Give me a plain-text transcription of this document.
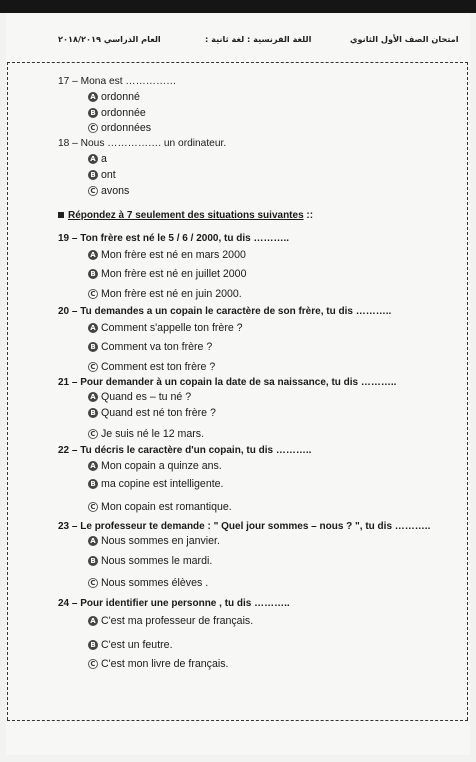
العام الدراسي ٢٠١٨/٢٠١٩	اللغة الفرنسية : لغة ثانية :	امتحان الصف الأول الثانوي
17 – Mona est ……………
A ordonné
B ordonnée
C ordonnées
18 – Nous ……………. un ordinateur.
A a
B ont
C avons
Répondez à 7 seulement des situations suivantes ::
19 – Ton frère est né le 5 / 6 / 2000, tu dis ………..
A Mon frère est né en mars 2000
B Mon frère est né en juillet 2000
C Mon frère est né en juin 2000.
20 – Tu demandes a un copain le caractère de son frère, tu dis ………..
A Comment s'appelle ton frère ?
B Comment va ton frère ?
C Comment est ton frère ?
21 – Pour demander à un copain la date de sa naissance, tu dis ………..
A Quand es – tu né ?
B Quand est né ton frère ?
C Je suis né le 12 mars.
22 – Tu décris le caractère d'un copain, tu dis ………..
A Mon copain a quinze ans.
B ma copine est intelligente.
C Mon copain est romantique.
23 – Le professeur te demande : " Quel jour sommes – nous ? ", tu dis ………..
A Nous sommes en janvier.
B Nous sommes le mardi.
C Nous sommes élèves .
24 – Pour identifier une personne , tu dis ………..
A C'est ma professeur de français.
B C'est un feutre.
C C'est mon livre de français.
